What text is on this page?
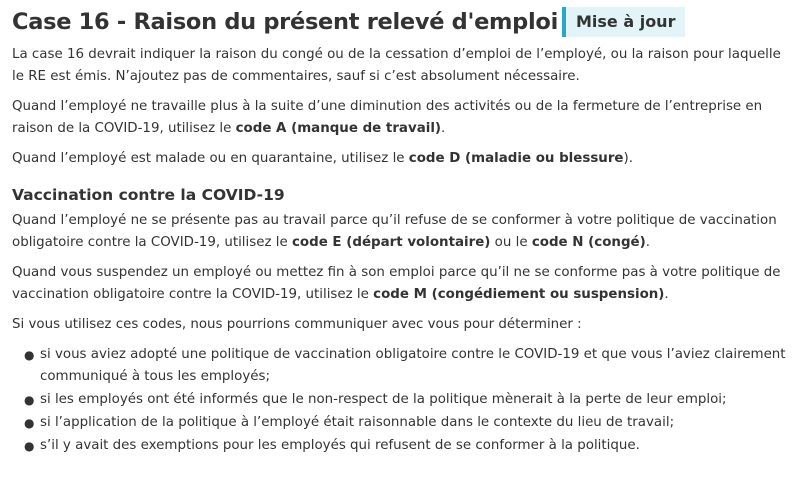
Case 16 - Raison du présent relevé d'emploi	Mise à jour

La case 16 devrait indiquer la raison du congé ou de la cessation d’emploi de l’employé, ou la raison pour laquelle le RE est émis. N’ajoutez pas de commentaires, sauf si c’est absolument nécessaire.

Quand l’employé ne travaille plus à la suite d’une diminution des activités ou de la fermeture de l’entreprise en raison de la COVID-19, utilisez le code A (manque de travail).

Quand l’employé est malade ou en quarantaine, utilisez le code D (maladie ou blessure).

Vaccination contre la COVID-19

Quand l’employé ne se présente pas au travail parce qu’il refuse de se conformer à votre politique de vaccination obligatoire contre la COVID-19, utilisez le code E (départ volontaire) ou le code N (congé).

Quand vous suspendez un employé ou mettez fin à son emploi parce qu’il ne se conforme pas à votre politique de vaccination obligatoire contre la COVID-19, utilisez le code M (congédiement ou suspension).

Si vous utilisez ces codes, nous pourrions communiquer avec vous pour déterminer :

● si vous aviez adopté une politique de vaccination obligatoire contre le COVID-19 et que vous l’aviez clairement communiqué à tous les employés;
● si les employés ont été informés que le non-respect de la politique mènerait à la perte de leur emploi;
● si l’application de la politique à l’employé était raisonnable dans le contexte du lieu de travail;
● s’il y avait des exemptions pour les employés qui refusent de se conformer à la politique.
